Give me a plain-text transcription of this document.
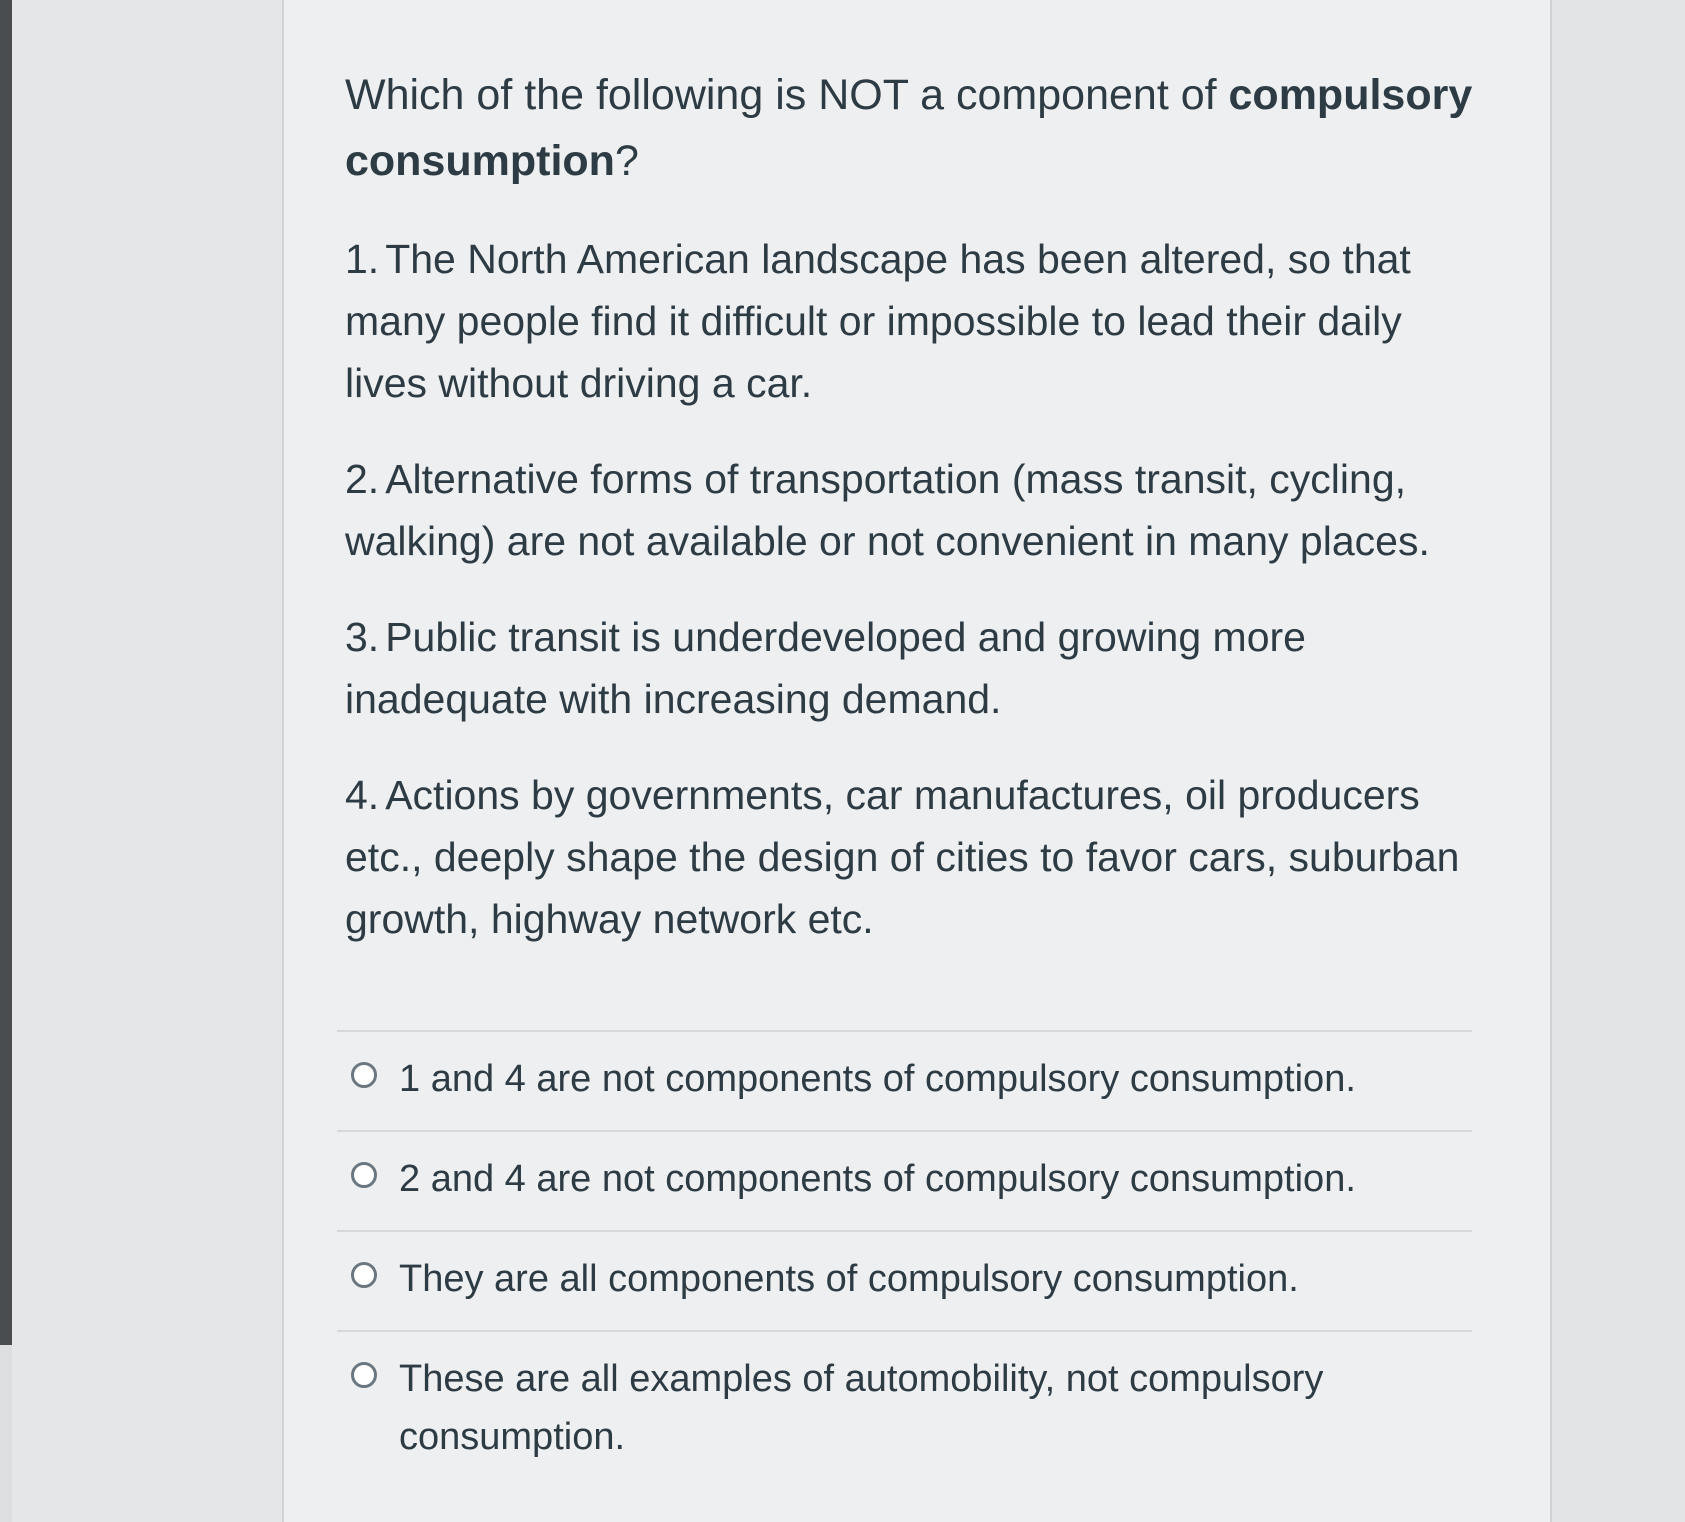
Which of the following is NOT a component of compulsory consumption?

1. The North American landscape has been altered, so that many people find it difficult or impossible to lead their daily lives without driving a car.

2. Alternative forms of transportation (mass transit, cycling, walking) are not available or not convenient in many places.

3. Public transit is underdeveloped and growing more inadequate with increasing demand.

4. Actions by governments, car manufactures, oil producers etc., deeply shape the design of cities to favor cars, suburban growth, highway network etc.

1 and 4 are not components of compulsory consumption.
2 and 4 are not components of compulsory consumption.
They are all components of compulsory consumption.
These are all examples of automobility, not compulsory consumption.
